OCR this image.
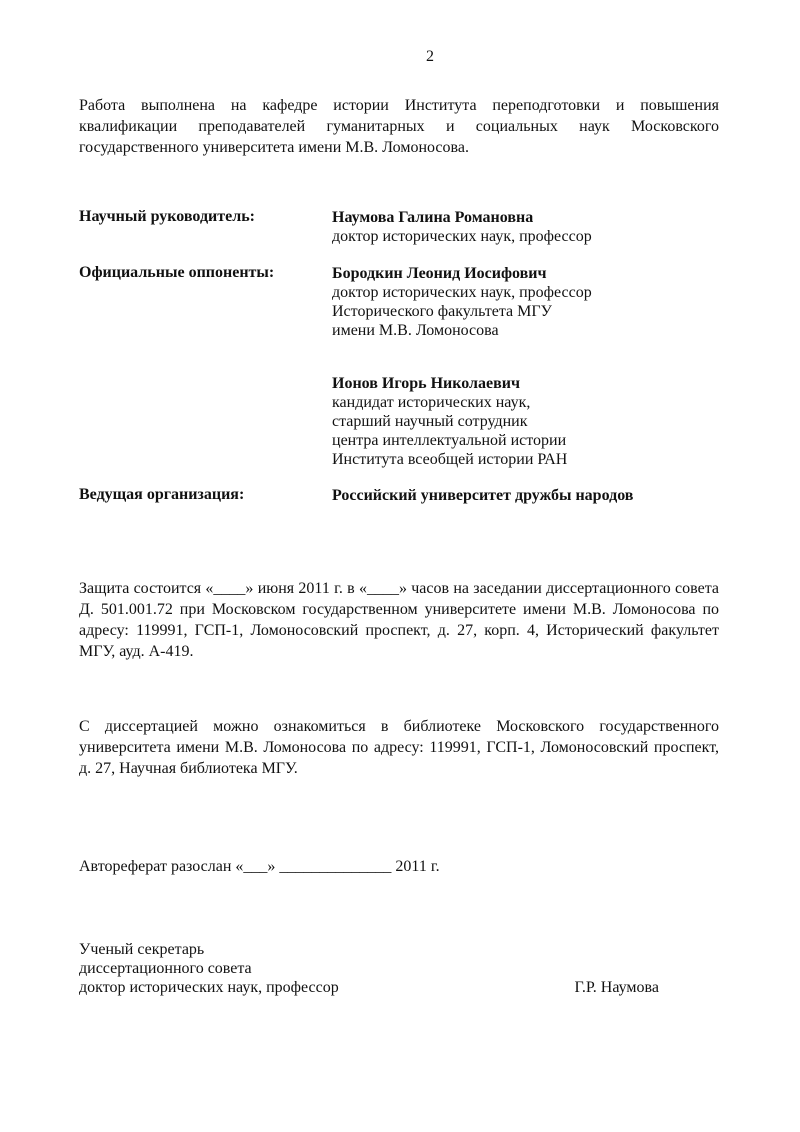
2

Работа выполнена на кафедре истории Института переподготовки и повышения квалификации преподавателей гуманитарных и социальных наук Московского государственного университета имени М.В. Ломоносова.

Научный руководитель:	Наумова Галина Романовна
доктор исторических наук, профессор
Официальные оппоненты:	Бородкин Леонид Иосифович
доктор исторических наук, профессор
Исторического факультета МГУ
имени М.В. Ломоносова
Ионов Игорь Николаевич
кандидат исторических наук,
старший научный сотрудник
центра интеллектуальной истории
Института всеобщей истории РАН
Ведущая организация:	Российский университет дружбы народов

Защита состоится «____» июня 2011 г. в «____» часов на заседании диссертационного совета Д. 501.001.72 при Московском государственном университете имени М.В. Ломоносова по адресу: 119991, ГСП-1, Ломоносовский проспект, д. 27, корп. 4, Исторический факультет МГУ, ауд. А-419.

С диссертацией можно ознакомиться в библиотеке Московского государственного университета имени М.В. Ломоносова по адресу: 119991, ГСП-1, Ломоносовский проспект, д. 27, Научная библиотека МГУ.

Автореферат разослан «___» ______________ 2011 г.
Ученый секретарь
диссертационного совета
доктор исторических наук, профессор	Г.Р. Наумова
